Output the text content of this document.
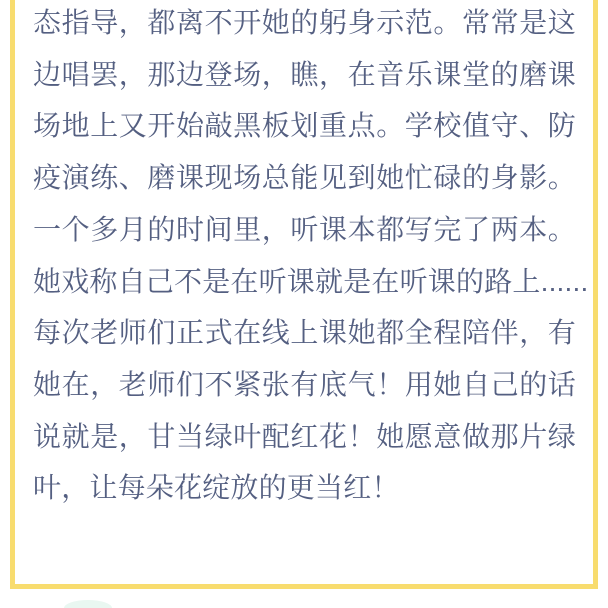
态指导，都离不开她的躬身示范。常常是这
边唱罢，那边登场，瞧，在音乐课堂的磨课
场地上又开始敲黑板划重点。学校值守、防
疫演练、磨课现场总能见到她忙碌的身影。
一个多月的时间里，听课本都写完了两本。
她戏称自己不是在听课就是在听课的路上......
每次老师们正式在线上课她都全程陪伴，有
她在，老师们不紧张有底气！用她自己的话
说就是，甘当绿叶配红花！她愿意做那片绿
叶，让每朵花绽放的更当红！
